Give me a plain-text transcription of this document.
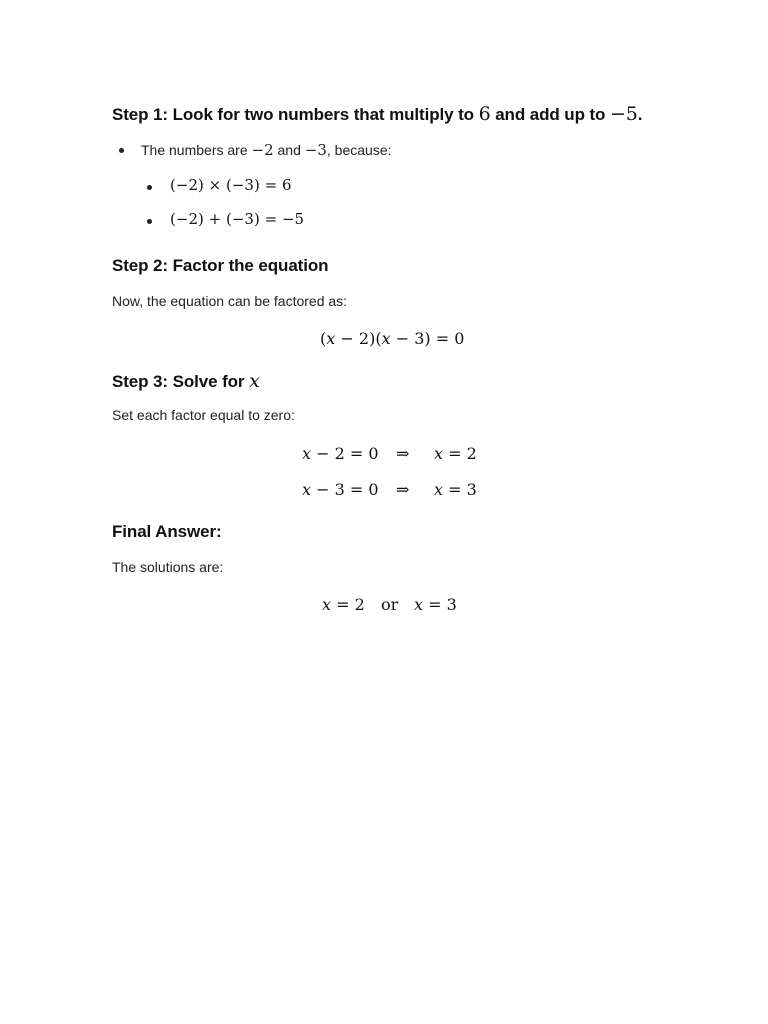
Step 1: Look for two numbers that multiply to 6 and add up to −5.
The numbers are −2 and −3, because:
(−2) × (−3) = 6
(−2) + (−3) = −5
Step 2: Factor the equation
Now, the equation can be factored as:
(x − 2)(x − 3) = 0
Step 3: Solve for x
Set each factor equal to zero:
x − 2 = 0 ⇒ x = 2
x − 3 = 0 ⇒ x = 3
Final Answer:
The solutions are:
x = 2 or x = 3
